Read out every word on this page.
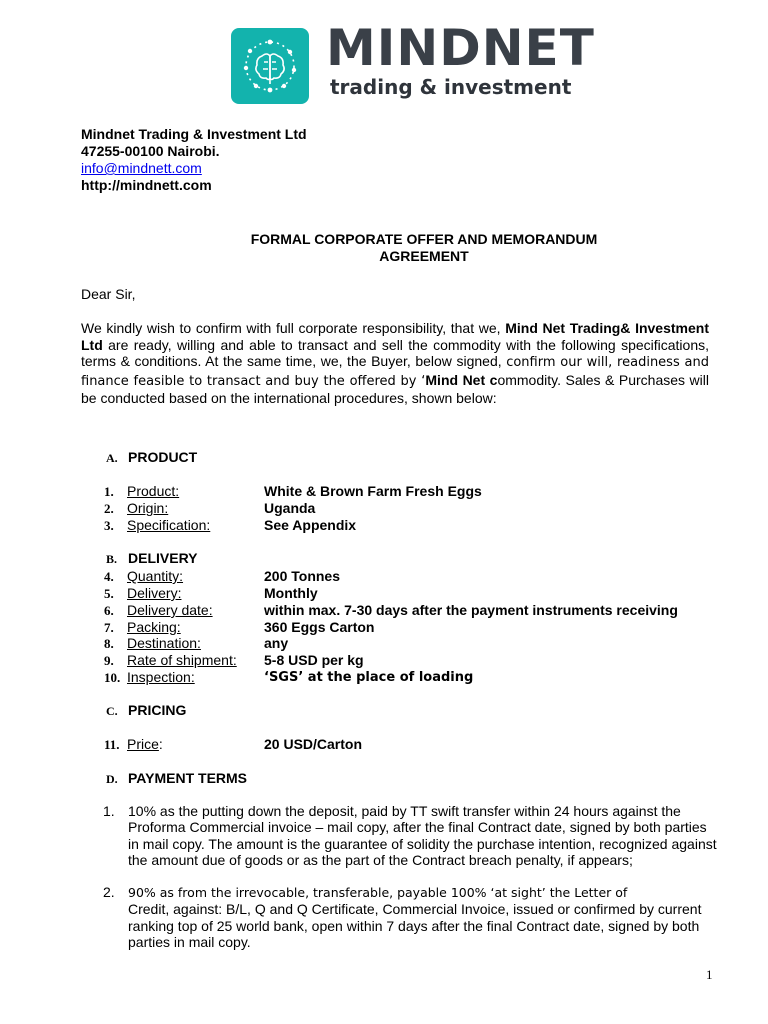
MINDNET
trading & investment
Mindnet Trading & Investment Ltd
47255-00100 Nairobi.
info@mindnett.com
http://mindnett.com
FORMAL CORPORATE OFFER AND MEMORANDUM
AGREEMENT
Dear Sir,
We kindly wish to confirm with full corporate responsibility, that we, Mind Net Trading& Investment Ltd are ready, willing and able to transact and sell the commodity with the following specifications, terms & conditions. At the same time, we, the Buyer, below signed, confirm our will, readiness and finance feasible to transact and buy the offered by ‘Mind Net commodity. Sales & Purchases will be conducted based on the international procedures, shown below:
A. PRODUCT
1. Product:	White & Brown Farm Fresh Eggs
2. Origin:	Uganda
3. Specification:	See Appendix
B. DELIVERY
4. Quantity:	200 Tonnes
5. Delivery:	Monthly
6. Delivery date:	within max. 7-30 days after the payment instruments receiving
7. Packing:	360 Eggs Carton
8. Destination:	any
9. Rate of shipment: 5-8 USD per kg
10. Inspection:	‘SGS’ at the place of loading
C. PRICING
11. Price:	20 USD/Carton
D. PAYMENT TERMS
1. 10% as the putting down the deposit, paid by TT swift transfer within 24 hours against the Proforma Commercial invoice – mail copy, after the final Contract date, signed by both parties in mail copy. The amount is the guarantee of solidity the purchase intention, recognized against the amount due of goods or as the part of the Contract breach penalty, if appears;
2. 90% as from the irrevocable, transferable, payable 100% ‘at sight’ the Letter of
Credit, against: B/L, Q and Q Certificate, Commercial Invoice, issued or confirmed by current ranking top of 25 world bank, open within 7 days after the final Contract date, signed by both parties in mail copy.
1
